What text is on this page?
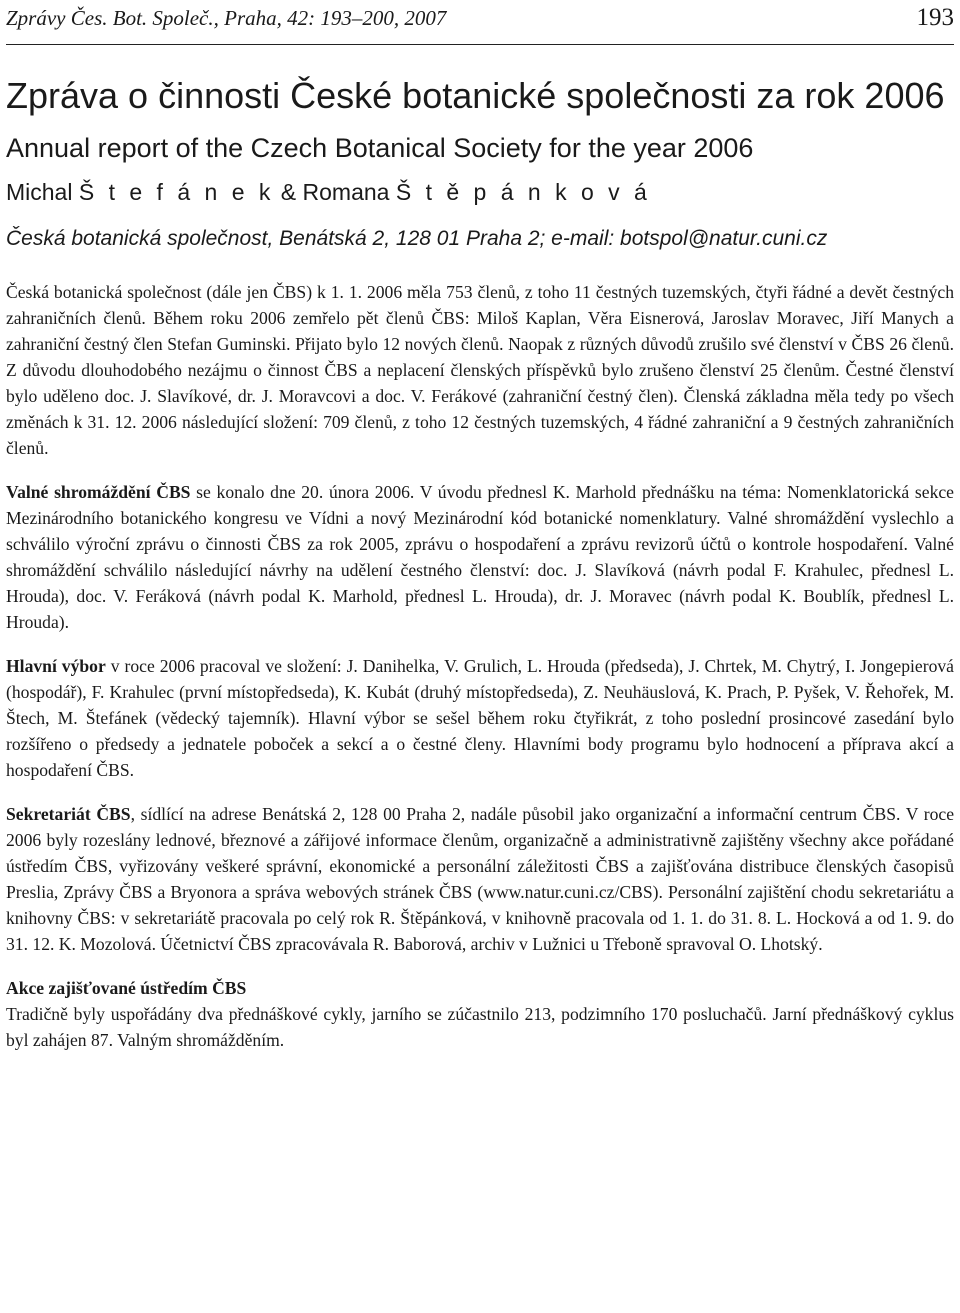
Zprávy Čes. Bot. Společ., Praha, 42: 193–200, 2007	193
Zpráva o činnosti České botanické společnosti za rok 2006
Annual report of the Czech Botanical Society for the year 2006
Michal Š t e f á n e k & Romana Š t ě p á n k o v á
Česká botanická společnost, Benátská 2, 128 01 Praha 2; e-mail: botspol@natur.cuni.cz

Česká botanická společnost (dále jen ČBS) k 1. 1. 2006 měla 753 členů, z toho 11 čestných tuzemských, čtyři řádné a devět čestných zahraničních členů. Během roku 2006 zemřelo pět členů ČBS: Miloš Kaplan, Věra Eisnerová, Jaroslav Moravec, Jiří Manych a zahraniční čestný člen Stefan Guminski. Přijato bylo 12 nových členů. Naopak z různých důvodů zrušilo své členství v ČBS 26 členů. Z důvodu dlouhodobého nezájmu o činnost ČBS a neplacení členských příspěvků bylo zrušeno členství 25 členům. Čestné členství bylo uděleno doc. J. Slavíkové, dr. J. Moravcovi a doc. V. Ferákové (zahraniční čestný člen). Členská základna měla tedy po všech změnách k 31. 12. 2006 následující složení: 709 členů, z toho 12 čestných tuzemských, 4 řádné zahraniční a 9 čestných zahraničních členů.

Valné shromáždění ČBS se konalo dne 20. února 2006. V úvodu přednesl K. Marhold přednášku na téma: Nomenklatorická sekce Mezinárodního botanického kongresu ve Vídni a nový Mezinárodní kód botanické nomenklatury. Valné shromáždění vyslechlo a schválilo výroční zprávu o činnosti ČBS za rok 2005, zprávu o hospodaření a zprávu revizorů účtů o kontrole hospodaření. Valné shromáždění schválilo následující návrhy na udělení čestného členství: doc. J. Slavíková (návrh podal F. Krahulec, přednesl L. Hrouda), doc. V. Feráková (návrh podal K. Marhold, přednesl L. Hrouda), dr. J. Moravec (návrh podal K. Boublík, přednesl L. Hrouda).

Hlavní výbor v roce 2006 pracoval ve složení: J. Danihelka, V. Grulich, L. Hrouda (předseda), J. Chrtek, M. Chytrý, I. Jongepierová (hospodář), F. Krahulec (první místopředseda), K. Kubát (druhý místopředseda), Z. Neuhäuslová, K. Prach, P. Pyšek, V. Řehořek, M. Štech, M. Štefánek (vědecký tajemník). Hlavní výbor se sešel během roku čtyřikrát, z toho poslední prosincové zasedání bylo rozšířeno o předsedy a jednatele poboček a sekcí a o čestné členy. Hlavními body programu bylo hodnocení a příprava akcí a hospodaření ČBS.

Sekretariát ČBS, sídlící na adrese Benátská 2, 128 00 Praha 2, nadále působil jako organizační a informační centrum ČBS. V roce 2006 byly rozeslány lednové, březnové a zářijové informace členům, organizačně a administrativně zajištěny všechny akce pořádané ústředím ČBS, vyřizovány veškeré správní, ekonomické a personální záležitosti ČBS a zajišťována distribuce členských časopisů Preslia, Zprávy ČBS a Bryonora a správa webových stránek ČBS (www.natur.cuni.cz/CBS). Personální zajištění chodu sekretariátu a knihovny ČBS: v sekretariátě pracovala po celý rok R. Štěpánková, v knihovně pracovala od 1. 1. do 31. 8. L. Hocková a od 1. 9. do 31. 12. K. Mozolová. Účetnictví ČBS zpracovávala R. Baborová, archiv v Lužnici u Třeboně spravoval O. Lhotský.

Akce zajišťované ústředím ČBS

Tradičně byly uspořádány dva přednáškové cykly, jarního se zúčastnilo 213, podzimního 170 posluchačů. Jarní přednáškový cyklus byl zahájen 87. Valným shromážděním.
